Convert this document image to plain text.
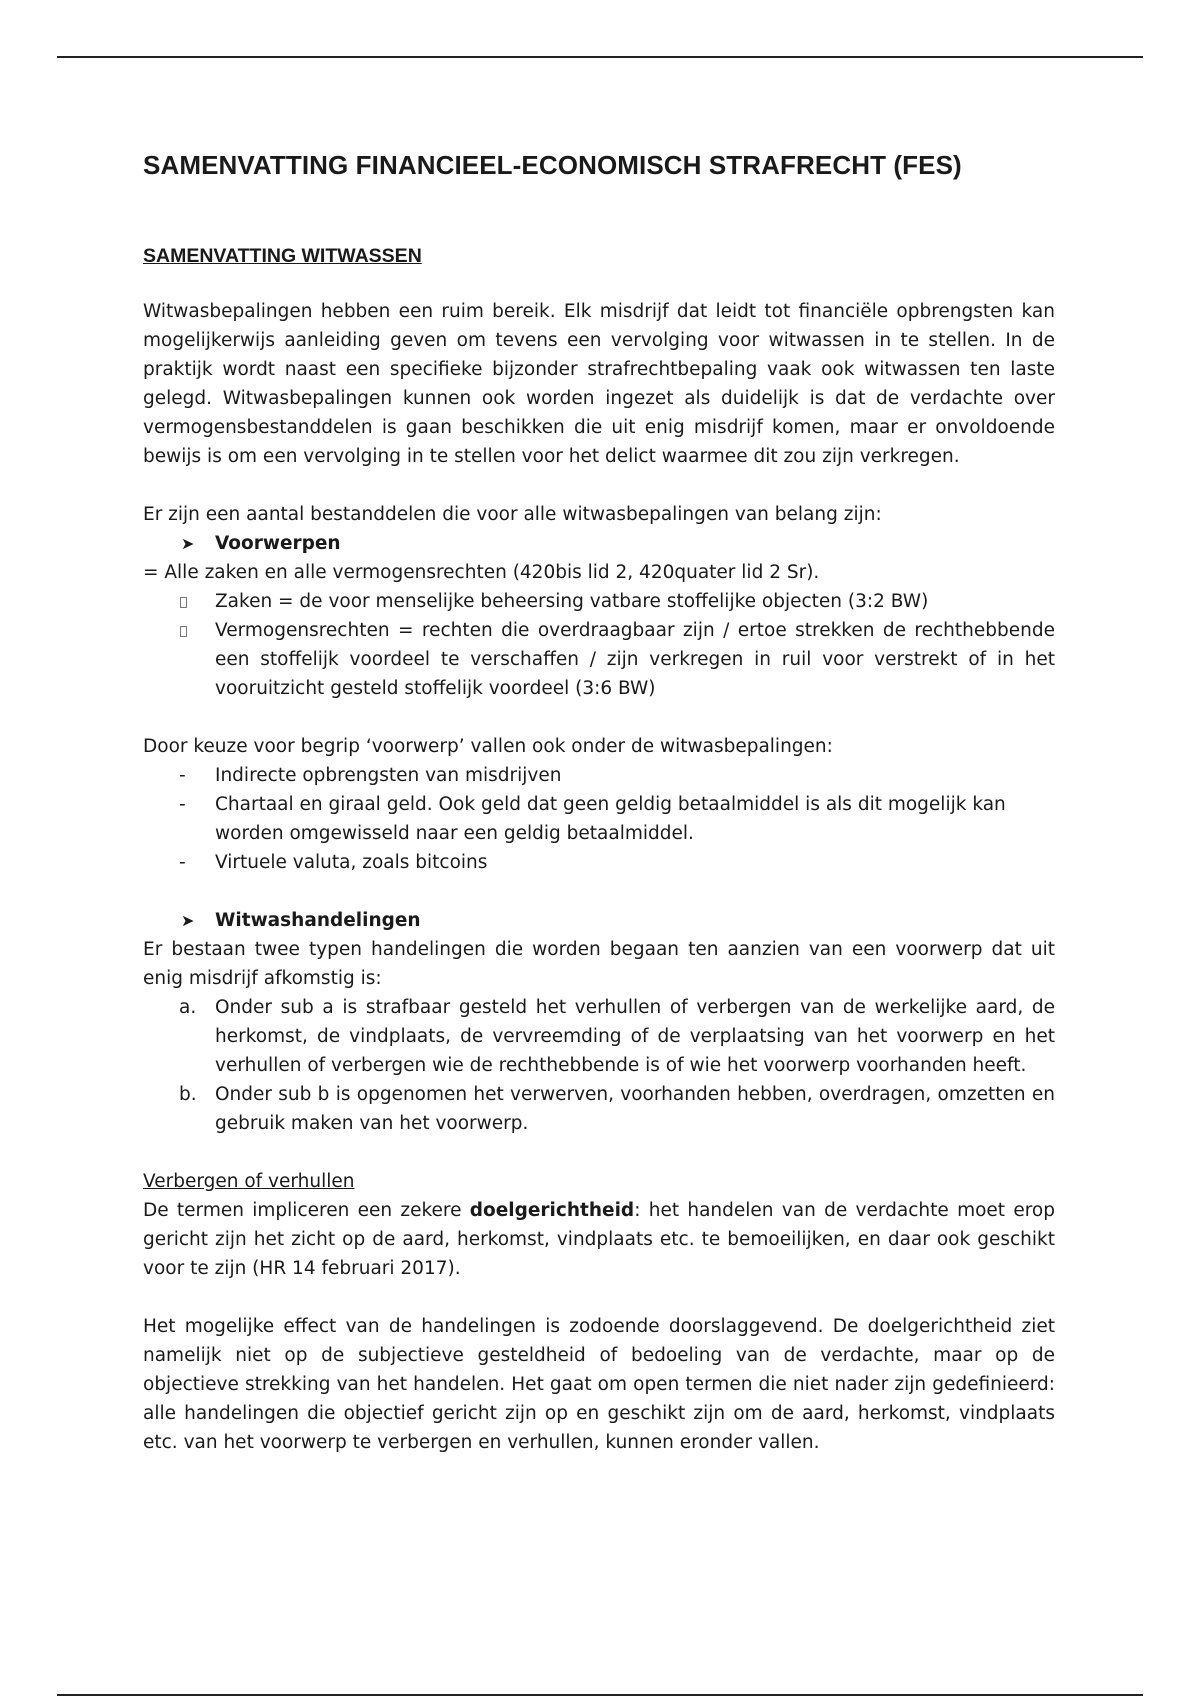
SAMENVATTING FINANCIEEL-ECONOMISCH STRAFRECHT (FES)
SAMENVATTING WITWASSEN

Witwasbepalingen hebben een ruim bereik. Elk misdrijf dat leidt tot financiële opbrengsten kan mogelijkerwijs aanleiding geven om tevens een vervolging voor witwassen in te stellen. In de praktijk wordt naast een specifieke bijzonder strafrechtbepaling vaak ook witwassen ten laste gelegd. Witwasbepalingen kunnen ook worden ingezet als duidelijk is dat de verdachte over vermogensbestanddelen is gaan beschikken die uit enig misdrijf komen, maar er onvoldoende bewijs is om een vervolging in te stellen voor het delict waarmee dit zou zijn verkregen.

Er zijn een aantal bestanddelen die voor alle witwasbepalingen van belang zijn:

➤	Voorwerpen

= Alle zaken en alle vermogensrechten (420bis lid 2, 420quater lid 2 Sr).

Zaken = de voor menselijke beheersing vatbare stoffelijke objecten (3:2 BW)
Vermogensrechten = rechten die overdraagbaar zijn / ertoe strekken de rechthebbende een stoffelijk voordeel te verschaffen / zijn verkregen in ruil voor verstrekt of in het vooruitzicht gesteld stoffelijk voordeel (3:6 BW)

Door keuze voor begrip ‘voorwerp’ vallen ook onder de witwasbepalingen:

-	Indirecte opbrengsten van misdrijven
-	Chartaal en giraal geld. Ook geld dat geen geldig betaalmiddel is als dit mogelijk kan worden omgewisseld naar een geldig betaalmiddel.
-	Virtuele valuta, zoals bitcoins
➤	Witwashandelingen

Er bestaan twee typen handelingen die worden begaan ten aanzien van een voorwerp dat uit enig misdrijf afkomstig is:

a.	Onder sub a is strafbaar gesteld het verhullen of verbergen van de werkelijke aard, de herkomst, de vindplaats, de vervreemding of de verplaatsing van het voorwerp en het verhullen of verbergen wie de rechthebbende is of wie het voorwerp voorhanden heeft.
b. Onder sub b is opgenomen het verwerven, voorhanden hebben, overdragen, omzetten en gebruik maken van het voorwerp.

Verbergen of verhullen

De termen impliceren een zekere doelgerichtheid: het handelen van de verdachte moet erop gericht zijn het zicht op de aard, herkomst, vindplaats etc. te bemoeilijken, en daar ook geschikt voor te zijn (HR 14 februari 2017).

Het mogelijke effect van de handelingen is zodoende doorslaggevend. De doelgerichtheid ziet namelijk niet op de subjectieve gesteldheid of bedoeling van de verdachte, maar op de objectieve strekking van het handelen. Het gaat om open termen die niet nader zijn gedefinieerd: alle handelingen die objectief gericht zijn op en geschikt zijn om de aard, herkomst, vindplaats etc. van het voorwerp te verbergen en verhullen, kunnen eronder vallen.
